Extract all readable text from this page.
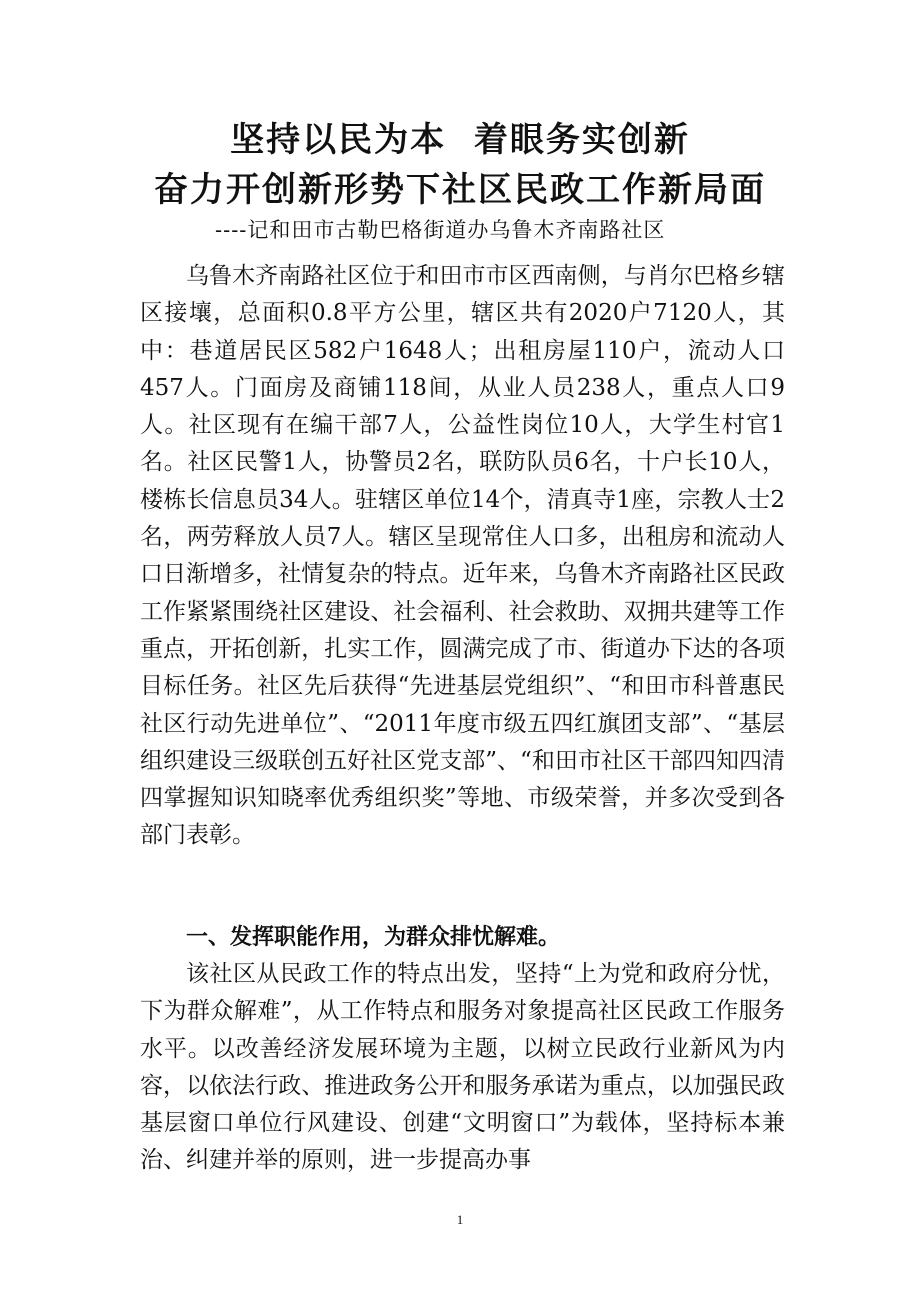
坚持以民为本  着眼务实创新
奋力开创新形势下社区民政工作新局面
----记和田市古勒巴格街道办乌鲁木齐南路社区

乌鲁木齐南路社区位于和田市市区西南侧，与肖尔巴格乡辖区接壤，总面积0.8平方公里，辖区共有2020户7120人，其中：巷道居民区582户1648人；出租房屋110户，流动人口457人。门面房及商铺118间，从业人员238人，重点人口9人。社区现有在编干部7人，公益性岗位10人，大学生村官1名。社区民警1人，协警员2名，联防队员6名，十户长10人，楼栋长信息员34人。驻辖区单位14个，清真寺1座，宗教人士2名，两劳释放人员7人。辖区呈现常住人口多，出租房和流动人口日渐增多，社情复杂的特点。近年来，乌鲁木齐南路社区民政工作紧紧围绕社区建设、社会福利、社会救助、双拥共建等工作重点，开拓创新，扎实工作，圆满完成了市、街道办下达的各项目标任务。社区先后获得“先进基层党组织”、“和田市科普惠民社区行动先进单位”、“2011年度市级五四红旗团支部”、“基层组织建设三级联创五好社区党支部”、“和田市社区干部四知四清四掌握知识知晓率优秀组织奖”等地、市级荣誉，并多次受到各部门表彰。

一、发挥职能作用，为群众排忧解难。

该社区从民政工作的特点出发，坚持“上为党和政府分忧，下为群众解难”，从工作特点和服务对象提高社区民政工作服务水平。以改善经济发展环境为主题，以树立民政行业新风为内容，以依法行政、推进政务公开和服务承诺为重点，以加强民政基层窗口单位行风建设、创建“文明窗口”为载体，坚持标本兼治、纠建并举的原则，进一步提高办事

1
